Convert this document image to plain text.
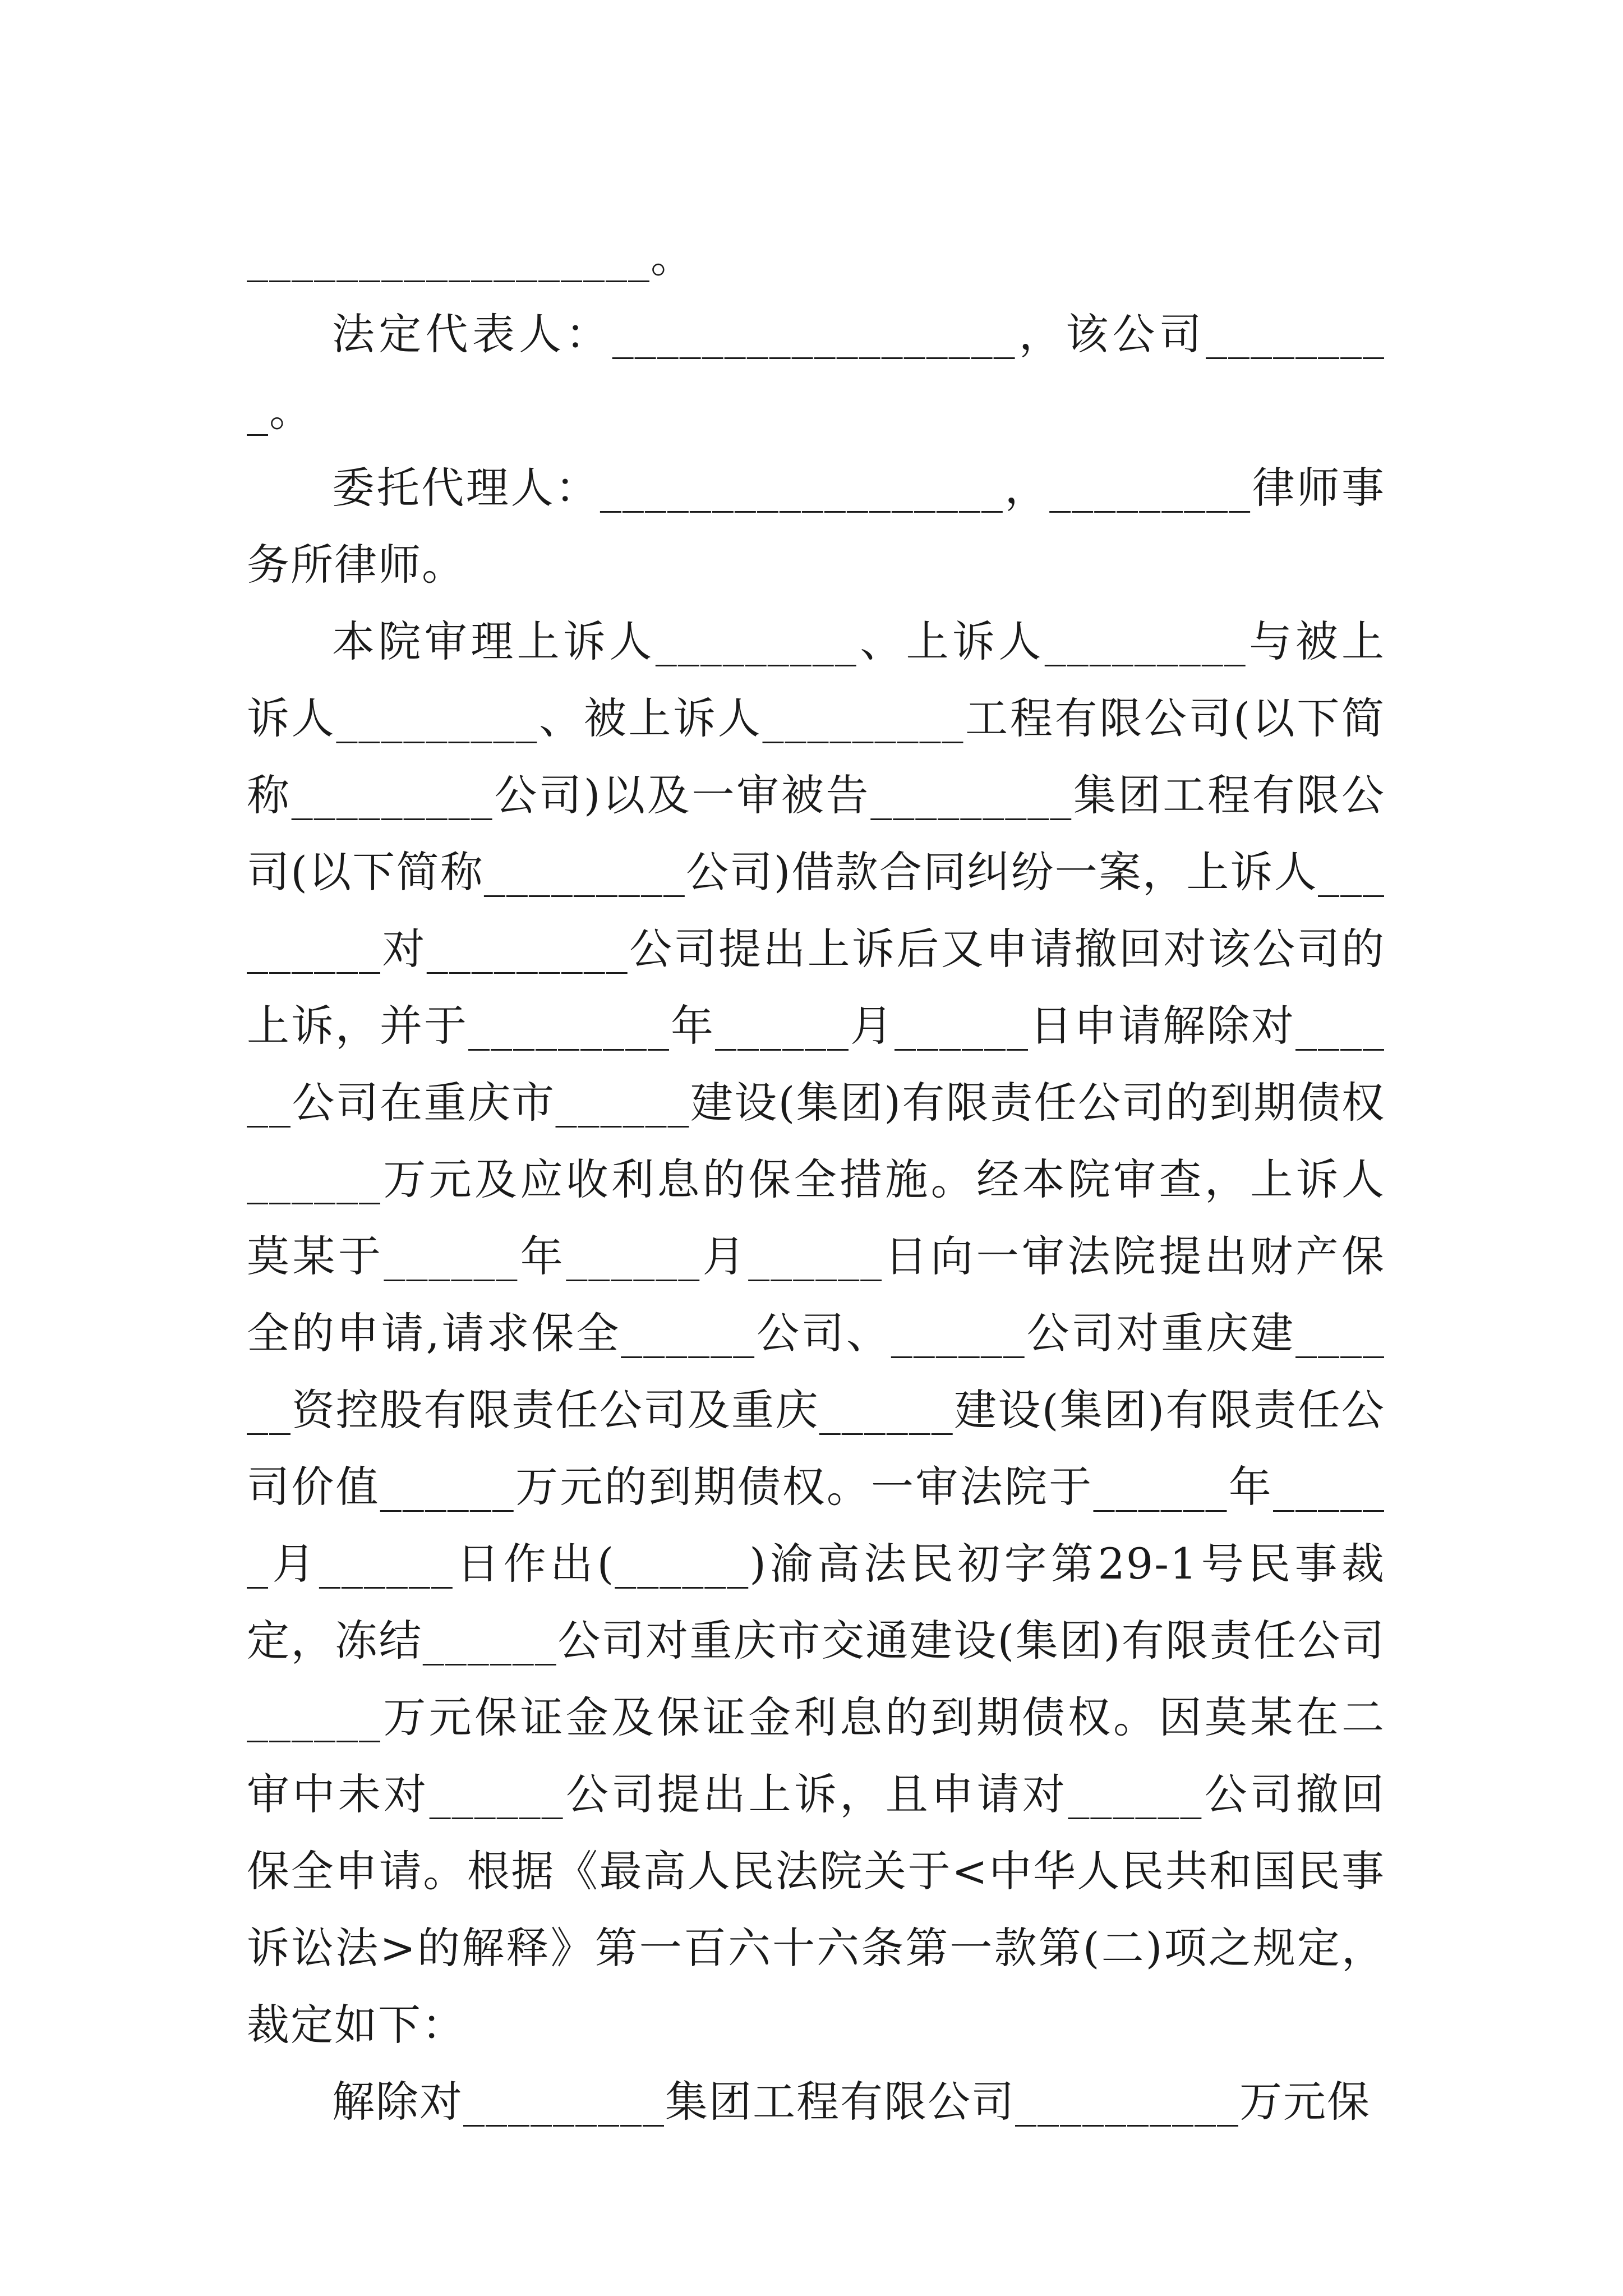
__________________。

法定代表人：__________________，该公司_________。

委托代理人：__________________，_________律师事务所律师。

本院审理上诉人_________、上诉人_________与被上诉人_________、被上诉人_________工程有限公司(以下简称_________公司)以及一审被告_________集团工程有限公司(以下简称_________公司)借款合同纠纷一案，上诉人_________对_________公司提出上诉后又申请撤回对该公司的上诉，并于_________年______月______日申请解除对______公司在重庆市______建设(集团)有限责任公司的到期债权______万元及应收利息的保全措施。经本院审查，上诉人莫某于______年______月______日向一审法院提出财产保全的申请,请求保全______公司、______公司对重庆建______资控股有限责任公司及重庆______建设(集团)有限责任公司价值______万元的到期债权。一审法院于______年______月______日作出(______)渝高法民初字第29-1号民事裁定，冻结______公司对重庆市交通建设(集团)有限责任公司______万元保证金及保证金利息的到期债权。因莫某在二审中未对______公司提出上诉，且申请对______公司撤回保全申请。根据《最高人民法院关于<中华人民共和国民事诉讼法>的解释》第一百六十六条第一款第(二)项之规定，裁定如下：

解除对_________集团工程有限公司__________万元保
